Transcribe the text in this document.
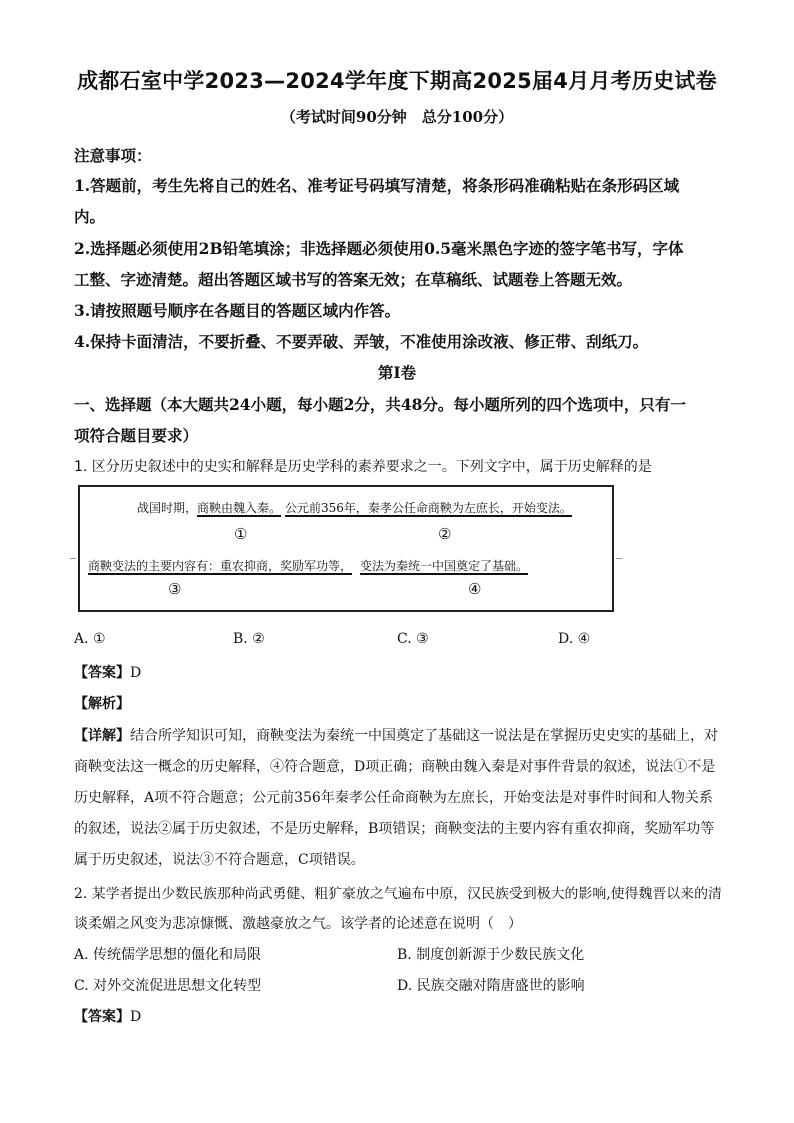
成都石室中学2023—2024学年度下期高2025届4月月考历史试卷
（考试时间90分钟　总分100分）
注意事项：
1.答题前，考生先将自己的姓名、准考证号码填写清楚，将条形码准确粘贴在条形码区域
内。
2.选择题必须使用2B铅笔填涂；非选择题必须使用0.5毫米黑色字迹的签字笔书写，字体
工整、字迹清楚。超出答题区域书写的答案无效；在草稿纸、试题卷上答题无效。
3.请按照题号顺序在各题目的答题区域内作答。
4.保持卡面清洁，不要折叠、不要弄破、弄皱，不准使用涂改液、修正带、刮纸刀。
第Ⅰ卷
一、选择题（本大题共24小题，每小题2分，共48分。每小题所列的四个选项中，只有一
项符合题目要求）
1. 区分历史叙述中的史实和解释是历史学科的素养要求之一。下列文字中，属于历史解释的是
战国时期，商鞅由魏入秦。 公元前356年，秦孝公任命商鞅为左庶长，开始变法。
①	②
商鞅变法的主要内容有：重农抑商，奖励军功等， 变法为秦统一中国奠定了基础。
③	④
A. ①	B. ②	C. ③	D. ④
【答案】D
【解析】
【详解】结合所学知识可知，商鞅变法为秦统一中国奠定了基础这一说法是在掌握历史史实的基础上，对
商鞅变法这一概念的历史解释，④符合题意，D项正确；商鞅由魏入秦是对事件背景的叙述，说法①不是
历史解释，A项不符合题意；公元前356年秦孝公任命商鞅为左庶长，开始变法是对事件时间和人物关系
的叙述，说法②属于历史叙述，不是历史解释，B项错误；商鞅变法的主要内容有重农抑商，奖励军功等
属于历史叙述，说法③不符合题意，C项错误。
2. 某学者提出少数民族那种尚武勇健、粗犷豪放之气遍布中原，汉民族受到极大的影响,使得魏晋以来的清
谈柔媚之风变为悲凉慷慨、激越豪放之气。该学者的论述意在说明（　）
A. 传统儒学思想的僵化和局限	B. 制度创新源于少数民族文化
C. 对外交流促进思想文化转型	D. 民族交融对隋唐盛世的影响
【答案】D
